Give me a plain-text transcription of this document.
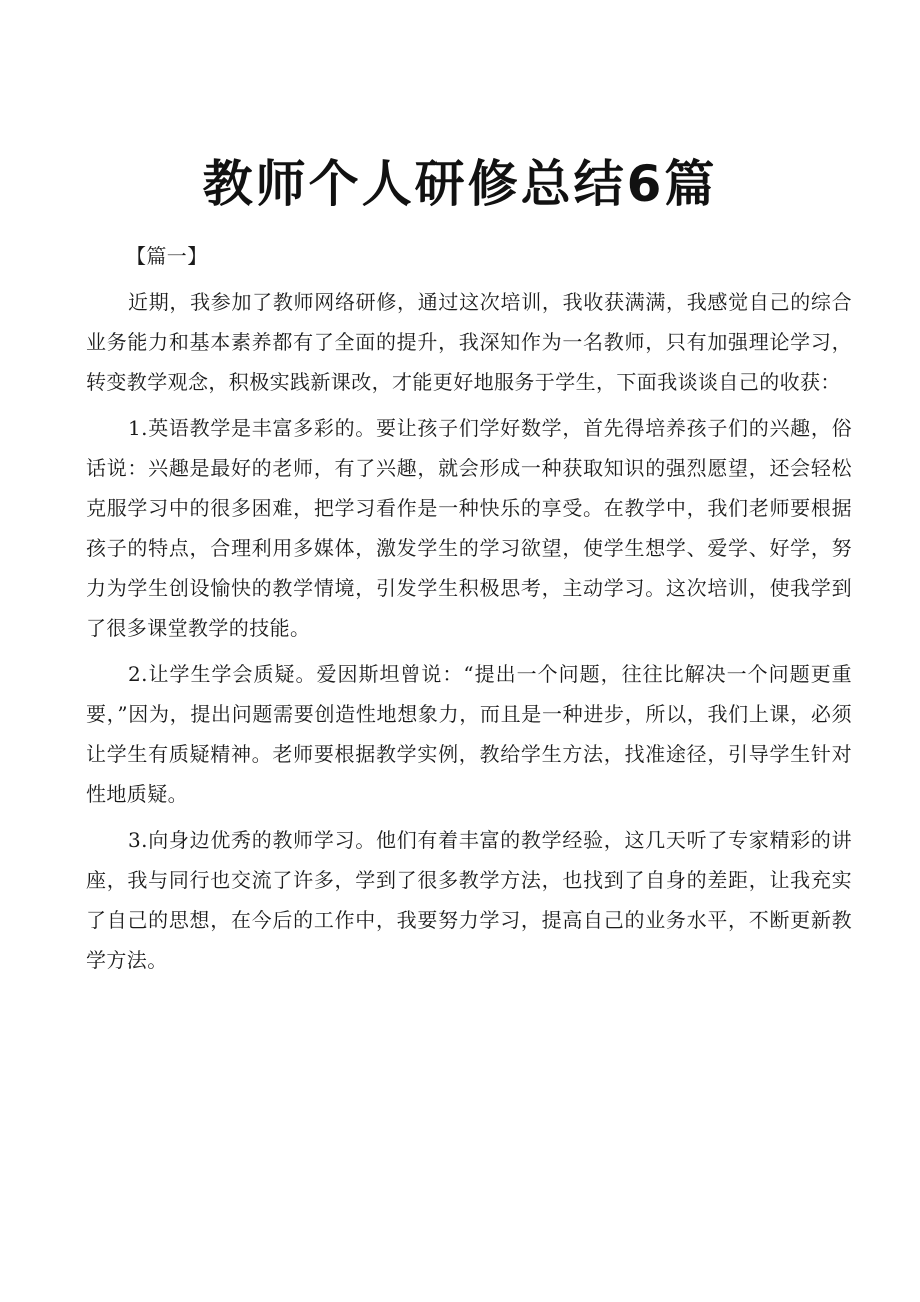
教师个人研修总结6篇

【篇一】

近期，我参加了教师网络研修，通过这次培训，我收获满满，我感觉自己的综合业务能力和基本素养都有了全面的提升，我深知作为一名教师，只有加强理论学习，转变教学观念，积极实践新课改，才能更好地服务于学生，下面我谈谈自己的收获：

1.英语教学是丰富多彩的。要让孩子们学好数学，首先得培养孩子们的兴趣，俗话说：兴趣是最好的老师，有了兴趣，就会形成一种获取知识的强烈愿望，还会轻松克服学习中的很多困难，把学习看作是一种快乐的享受。在教学中，我们老师要根据孩子的特点，合理利用多媒体，激发学生的学习欲望，使学生想学、爱学、好学，努力为学生创设愉快的教学情境，引发学生积极思考，主动学习。这次培训，使我学到了很多课堂教学的技能。

2.让学生学会质疑。爱因斯坦曾说：“提出一个问题，往往比解决一个问题更重要，”因为，提出问题需要创造性地想象力，而且是一种进步，所以，我们上课，必须让学生有质疑精神。老师要根据教学实例，教给学生方法，找准途径，引导学生针对性地质疑。

3.向身边优秀的教师学习。他们有着丰富的教学经验，这几天听了专家精彩的讲座，我与同行也交流了许多，学到了很多教学方法，也找到了自身的差距，让我充实了自己的思想，在今后的工作中，我要努力学习，提高自己的业务水平，不断更新教学方法。
